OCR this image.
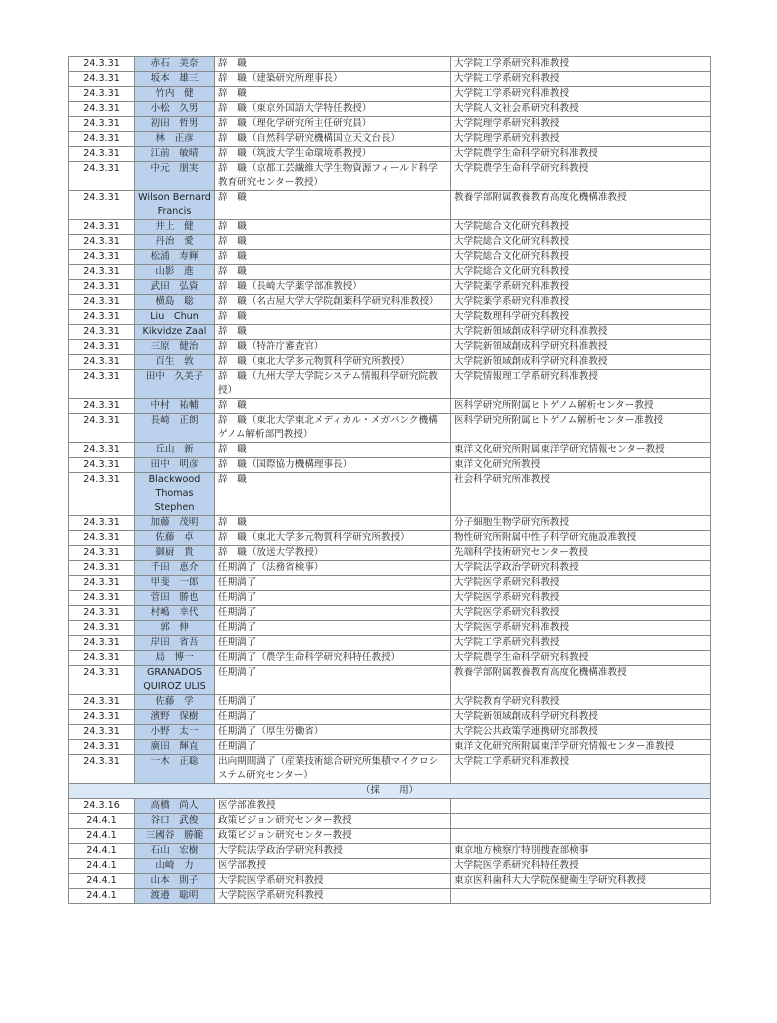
24.3.31	赤石　美奈	辞　職	大学院工学系研究科准教授
24.3.31	坂本　雄三	辞　職（建築研究所理事長）	大学院工学系研究科教授
24.3.31	竹内　健	辞　職	大学院工学系研究科准教授
24.3.31	小松　久男	辞　職（東京外国語大学特任教授）	大学院人文社会系研究科教授
24.3.31	初田　哲男	辞　職（理化学研究所主任研究員）	大学院理学系研究科教授
24.3.31	林　正彦	辞　職（自然科学研究機構国立天文台長）	大学院理学系研究科教授
24.3.31	江前　敏晴	辞　職（筑波大学生命環境系教授）	大学院農学生命科学研究科准教授
24.3.31	中元　朋実	辞　職（京都工芸繊維大学生物資源フィールド科学教育研究センター教授）	大学院農学生命科学研究科教授
24.3.31	Wilson Bernard Francis	辞　職	教養学部附属教養教育高度化機構准教授
24.3.31	井上　健	辞　職	大学院総合文化研究科教授
24.3.31	丹治　愛	辞　職	大学院総合文化研究科教授
24.3.31	松浦　寿輝	辞　職	大学院総合文化研究科教授
24.3.31	山影　進	辞　職	大学院総合文化研究科教授
24.3.31	武田　弘資	辞　職（長崎大学薬学部准教授）	大学院薬学系研究科准教授
24.3.31	横島　聡	辞　職（名古屋大学大学院創薬科学研究科准教授）	大学院薬学系研究科准教授
24.3.31	Liu　Chun	辞　職	大学院数理科学研究科教授
24.3.31	Kikvidze Zaal	辞　職	大学院新領域創成科学研究科准教授
24.3.31	三原　健治	辞　職（特許庁審査官）	大学院新領域創成科学研究科准教授
24.3.31	百生　敦	辞　職（東北大学多元物質科学研究所教授）	大学院新領域創成科学研究科准教授
24.3.31	田中　久美子	辞　職（九州大学大学院システム情報科学研究院教授）	大学院情報理工学系研究科准教授
24.3.31	中村　祐輔	辞　職	医科学研究所附属ヒトゲノム解析センター教授
24.3.31	長崎　正朗	辞　職（東北大学東北メディカル・メガバンク機構ゲノム解析部門教授）	医科学研究所附属ヒトゲノム解析センター准教授
24.3.31	丘山　新	辞　職	東洋文化研究所附属東洋学研究情報センター教授
24.3.31	田中　明彦	辞　職（国際協力機構理事長）	東洋文化研究所教授
24.3.31	Blackwood Thomas Stephen	辞　職	社会科学研究所准教授
24.3.31	加藤　茂明	辞　職	分子細胞生物学研究所教授
24.3.31	佐藤　卓	辞　職（東北大学多元物質科学研究所教授）	物性研究所附属中性子科学研究施設准教授
24.3.31	御厨　貴	辞　職（放送大学教授）	先端科学技術研究センター教授
24.3.31	千田　恵介	任期満了（法務省検事）	大学院法学政治学研究科教授
24.3.31	甲斐　一郎	任期満了	大学院医学系研究科教授
24.3.31	菅田　勝也	任期満了	大学院医学系研究科教授
24.3.31	村嶋　幸代	任期満了	大学院医学系研究科教授
24.3.31	郭　伸	任期満了	大学院医学系研究科准教授
24.3.31	岸田　省吾	任期満了	大学院工学系研究科教授
24.3.31	局　博一	任期満了（農学生命科学研究科特任教授）	大学院農学生命科学研究科教授
24.3.31	GRANADOS QUIROZ ULIS	任期満了	教養学部附属教養教育高度化機構准教授
24.3.31	佐藤　学	任期満了	大学院教育学研究科教授
24.3.31	濱野　保樹	任期満了	大学院新領域創成科学研究科教授
24.3.31	小野　太一	任期満了（厚生労働省）	大学院公共政策学連携研究部教授
24.3.31	廣田　輝直	任期満了	東洋文化研究所附属東洋学研究情報センター准教授
24.3.31	一木　正聡	出向期間満了（産業技術総合研究所集積マイクロシステム研究センター）	大学院工学系研究科准教授
（採　　用）			
24.3.16	高橋　尚人	医学部准教授	
24.4.1	谷口　武俊	政策ビジョン研究センター教授	
24.4.1	三國谷　勝範	政策ビジョン研究センター教授	
24.4.1	石山　宏樹	大学院法学政治学研究科教授	東京地方検察庁特別捜査部検事
24.4.1	山崎　力	医学部教授	大学院医学系研究科特任教授
24.4.1	山本　則子	大学院医学系研究科教授	東京医科歯科大大学院保健衛生学研究科教授
24.4.1	渡邉　聡明	大学院医学系研究科教授	
